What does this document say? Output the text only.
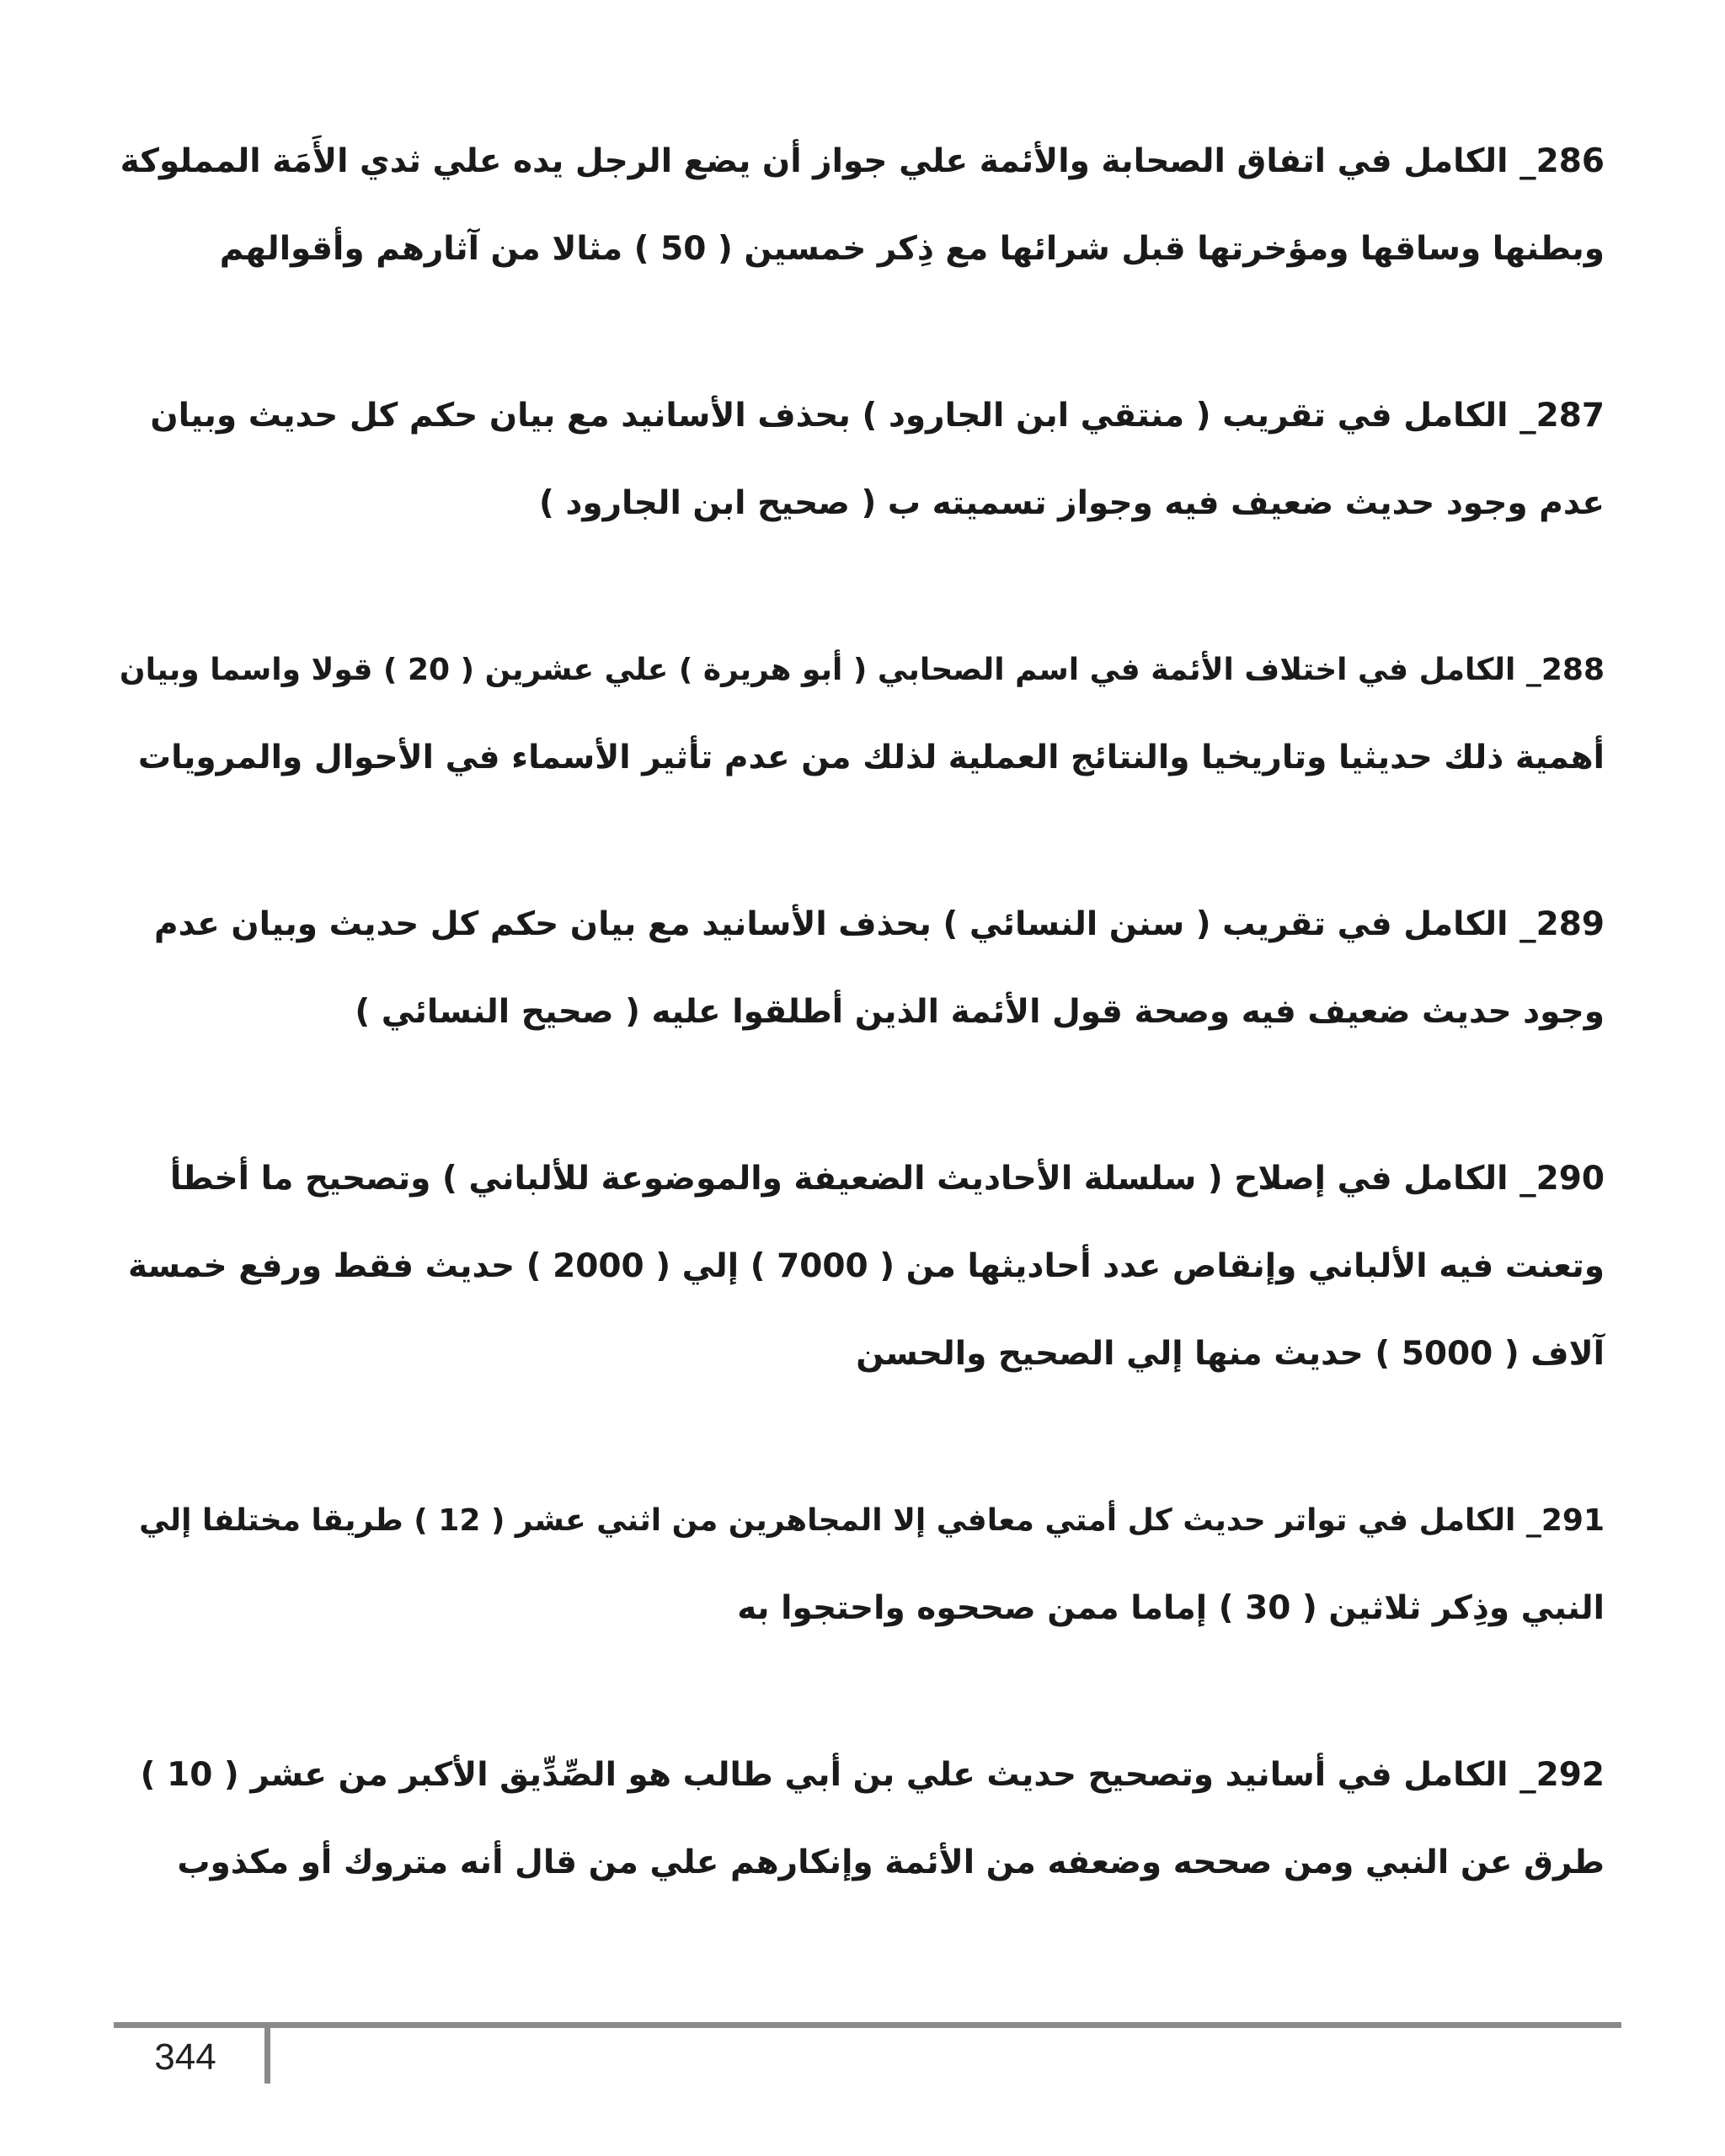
286_ الكامل في اتفاق الصحابة والأئمة علي جواز أن يضع الرجل يده علي ثدي الأَمَة المملوكة
وبطنها وساقها ومؤخرتها قبل شرائها مع ذِكر خمسين ( 50 ) مثالا من آثارهم وأقوالهم

287_ الكامل في تقريب ( منتقي ابن الجارود ) بحذف الأسانيد مع بيان حكم كل حديث وبيان
عدم وجود حديث ضعيف فيه وجواز تسميته ب ( صحيح ابن الجارود )

288_ الكامل في اختلاف الأئمة في اسم الصحابي ( أبو هريرة ) علي عشرين ( 20 ) قولا واسما وبيان
أهمية ذلك حديثيا وتاريخيا والنتائج العملية لذلك من عدم تأثير الأسماء في الأحوال والمرويات

289_ الكامل في تقريب ( سنن النسائي ) بحذف الأسانيد مع بيان حكم كل حديث وبيان عدم
وجود حديث ضعيف فيه وصحة قول الأئمة الذين أطلقوا عليه ( صحيح النسائي )

290_ الكامل في إصلاح ( سلسلة الأحاديث الضعيفة والموضوعة للألباني ) وتصحيح ما أخطأ
وتعنت فيه الألباني وإنقاص عدد أحاديثها من ( 7000 ) إلي ( 2000 ) حديث فقط ورفع خمسة
آلاف ( 5000 ) حديث منها إلي الصحيح والحسن

291_ الكامل في تواتر حديث كل أمتي معافي إلا المجاهرين من اثني عشر ( 12 ) طريقا مختلفا إلي
النبي وذِكر ثلاثين ( 30 ) إماما ممن صححوه واحتجوا به

292_ الكامل في أسانيد وتصحيح حديث علي بن أبي طالب هو الصِّدِّيق الأكبر من عشر ( 10 )
طرق عن النبي ومن صححه وضعفه من الأئمة وإنكارهم علي من قال أنه متروك أو مكذوب

344
